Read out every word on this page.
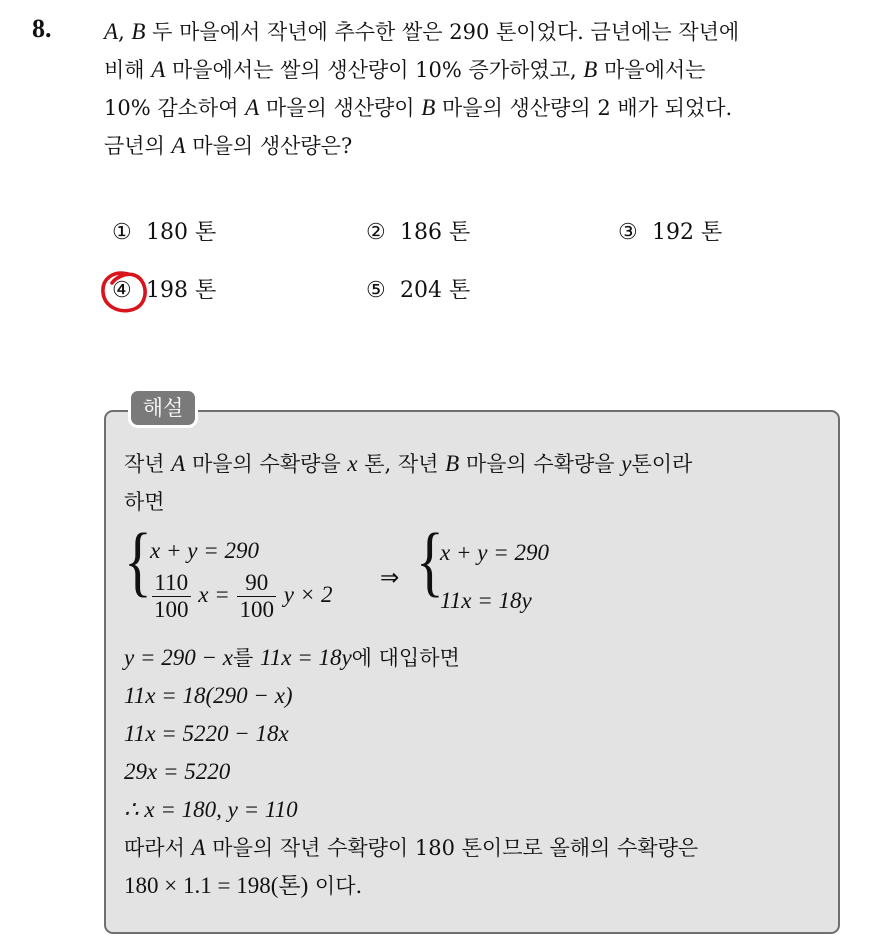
8. A, B 두 마을에서 작년에 추수한 쌀은 290 톤이었다. 금년에는 작년에
비해 A 마을에서는 쌀의 생산량이 10% 증가하였고, B 마을에서는
10% 감소하여 A 마을의 생산량이 B 마을의 생산량의 2 배가 되었다.
금년의 A 마을의 생산량은?
① 180 톤	② 186 톤	③ 192 톤
④ 198 톤	⑤ 204 톤
해설
작년 A 마을의 수확량을 x 톤, 작년 B 마을의 수확량을 y톤이라
하면
{
x + y = 290
$\frac{110}{100}$ $x = \frac{90}{100}$ y × 2
⇒ {
x + y = 290
11x = 18y
y = 290 − x를 11x = 18y에 대입하면
11x = 18(290 − x)
11x = 5220 − 18x
29x = 5220
∴ x = 180, y = 110
따라서 A 마을의 작년 수확량이 180 톤이므로 올해의 수확량은
180 × 1.1 = 198(톤) 이다.
